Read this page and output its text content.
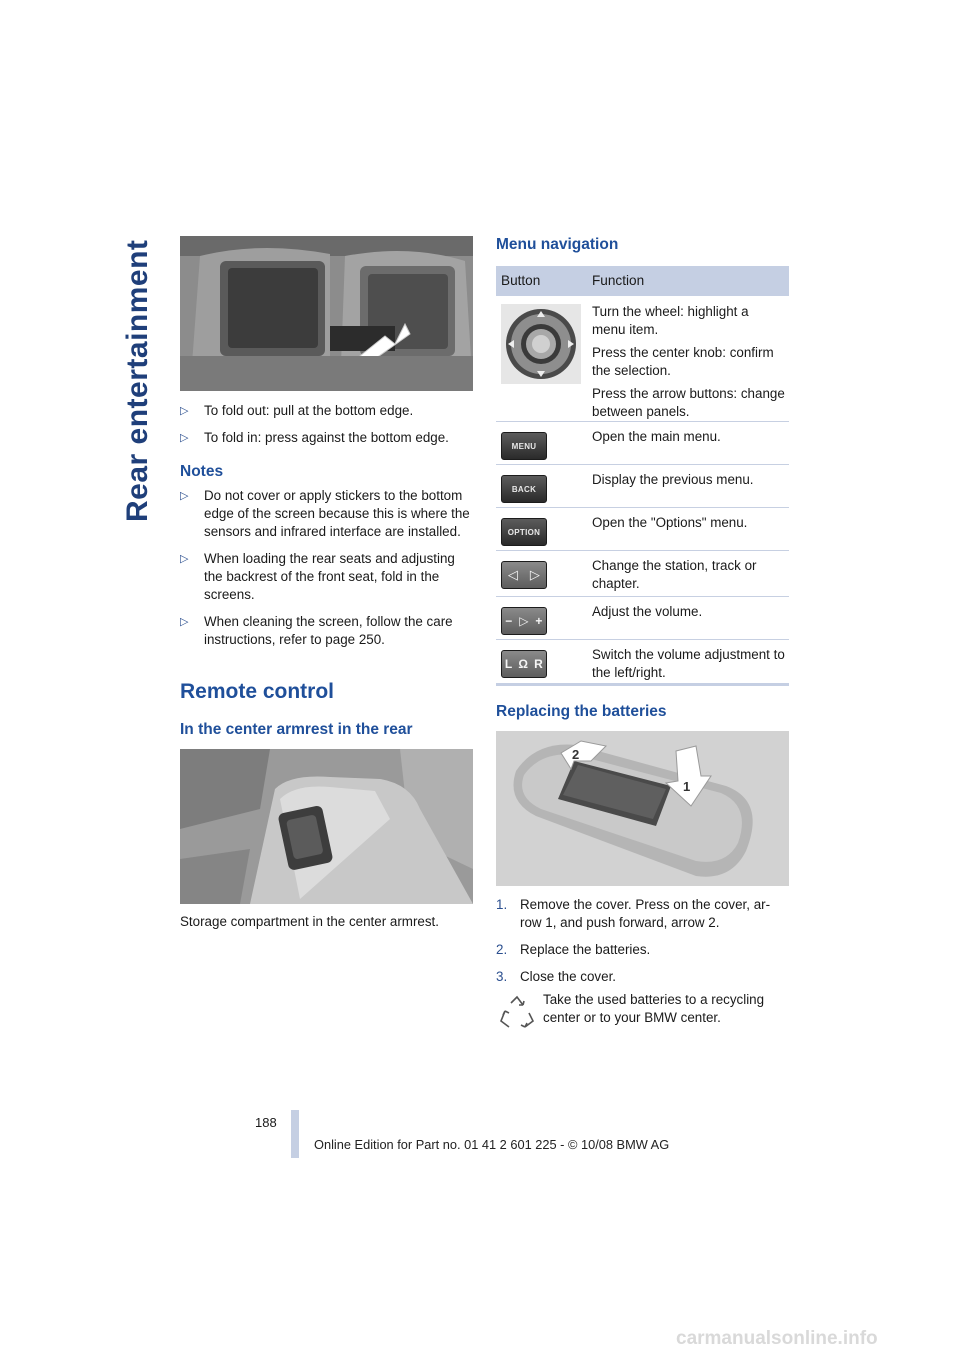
Rear entertainment	▷ To fold out: pull at the bottom edge.
▷ To fold in: press against the bottom edge.
Notes
▷ Do not cover or apply stickers to the bottom edge of the screen because this is where the sensors and infrared interface are installed.
▷ When loading the rear seats and adjusting the backrest of the front seat, fold in the screens.
▷ When cleaning the screen, follow the care instructions, refer to page 250.
Remote control
In the center armrest in the rear
Storage compartment in the center armrest.
Menu navigation
Button	Function

Turn the wheel: highlight a menu item.

Press the center knob: confirm the selection.

Press the arrow buttons: change between panels.

MENU
Open the main menu.
BACK
Display the previous menu.
OPTION
Open the "Options" menu.
◁ ▷
Change the station, track or chapter.
− ▷ +
Adjust the volume.
L Ω R
Switch the volume adjustment to the left/right.
Replacing the batteries
2
1
1. Remove the cover. Press on the cover, ar-row 1, and push forward, arrow 2.
2. Replace the batteries.
3. Close the cover.
Take the used batteries to a recycling center or to your BMW center.
188
Online Edition for Part no. 01 41 2 601 225 - © 10/08 BMW AG
carmanualsonline.info
